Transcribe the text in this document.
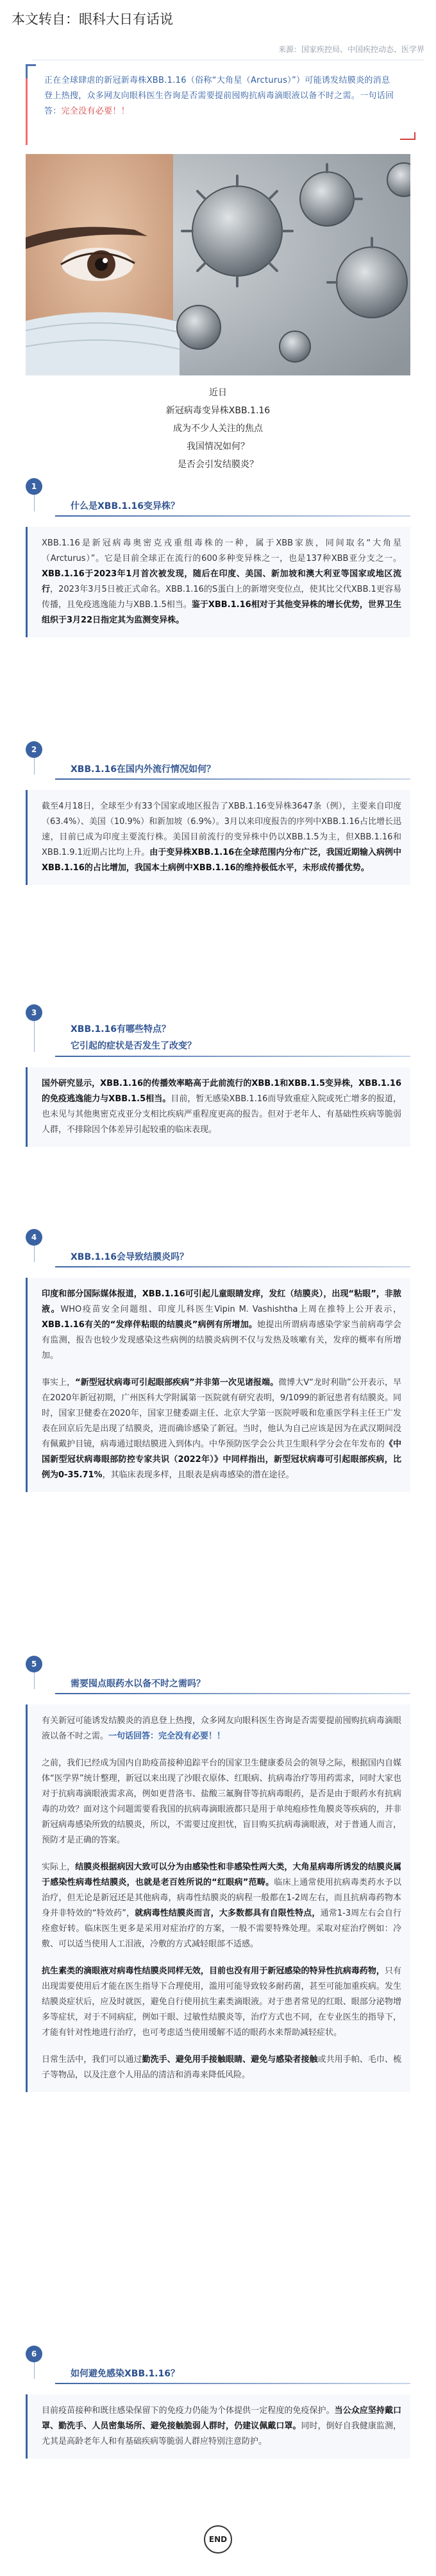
本文转自：眼科大日有话说
来源：国家疾控局、中国疾控动态、医学界
正在全球肆虐的新冠新毒株XBB.1.16（俗称“大角星（Arcturus）”）可能诱发结膜炎的消息登上热搜，众多网友向眼科医生咨询是否需要提前囤购抗病毒滴眼液以备不时之需。一句话回答：完全没有必要！！
近日
新冠病毒变异株XBB.1.16
成为不少人关注的焦点
我国情况如何？
是否会引发结膜炎？
1
什么是XBB.1.16变异株？

XBB.1.16是新冠病毒奥密克戎重组毒株的一种，属于XBB家族，同间取名“大角星（Arcturus）”。它是目前全球正在流行的600多种变异株之一，也是137种XBB亚分支之一。XBB.1.16于2023年1月首次被发现，随后在印度、美国、新加坡和澳大利亚等国家或地区流行，2023年3月5日被正式命名。XBB.1.16的S蛋白上的新增突变位点，使其比父代XBB.1更容易传播，且免疫逃逸能力与XBB.1.5相当。鉴于XBB.1.16相对于其他变异株的增长优势，世界卫生组织于3月22日指定其为监测变异株。

2
XBB.1.16在国内外流行情况如何？

截至4月18日，全球至少有33个国家或地区报告了XBB.1.16变异株3647条（例），主要来自印度（63.4%）、美国（10.9%）和新加坡（6.9%）。3月以来印度报告的序列中XBB.1.16占比增长迅速，目前已成为印度主要流行株。美国目前流行的变异株中仍以XBB.1.5为主，但XBB.1.16和XBB.1.9.1近期占比均上升。由于变异株XBB.1.16在全球范围内分布广泛，我国近期输入病例中XBB.1.16的占比增加，我国本土病例中XBB.1.16的维持极低水平，未形成传播优势。

3
XBB.1.16有哪些特点？
它引起的症状是否发生了改变？

国外研究显示，XBB.1.16的传播效率略高于此前流行的XBB.1和XBB.1.5变异株，XBB.1.16的免疫逃逸能力与XBB.1.5相当。目前，暂无感染XBB.1.16而导致重症入院或死亡增多的报道，也未见与其他奥密克戎亚分支相比疾病严重程度更高的报告。但对于老年人、有基础性疾病等脆弱人群，不排除因个体差异引起较重的临床表现。

4
XBB.1.16会导致结膜炎吗？

印度和部分国际媒体报道，XBB.1.16可引起儿童眼睛发痒，发红（结膜炎），出现“粘眼”，非脓液。WHO疫苗安全问题组、印度儿科医生Vipin M. Vashishtha上周在推特上公开表示，XBB.1.16有关的“发痒伴粘眼的结膜炎”病例有所增加。她提出所谓病毒感染学家当前病毒学会有监测，报告也较少发现感染这些病例的结膜炎病例不仅与发热及咳嗽有关，发痒的概率有所增加。

事实上，“新型冠状病毒可引起眼部疾病”并非第一次见诸报端。微博大V“龙时利勋”公开表示，早在2020年新冠初期，广州医科大学附属第一医院就有研究表明，9/1099的新冠患者有结膜炎。同时，国家卫健委在2020年，国家卫健委副主任、北京大学第一医院呼吸和危重医学科主任王广发表在回京后先是出现了结膜炎，进而确诊感染了新冠。当时，他认为自己应该是因为在武汉期间没有佩戴护目镜，病毒通过眼结膜进入到体内。中华预防医学会公共卫生眼科学分会在年发布的《中国新型冠状病毒眼部防控专家共识（2022年）》中同样指出，新型冠状病毒可引起眼部疾病，比例为0-35.71%，其临床表现多样，且眼表是病毒感染的潜在途径。

5
需要囤点眼药水以备不时之需吗？

有关新冠可能诱发结膜炎的消息登上热搜，众多网友向眼科医生咨询是否需要提前囤购抗病毒滴眼液以备不时之需。一句话回答：完全没有必要！！

之前，我们已经成为国内自助疫苗接种追踪平台的国家卫生健康委员会的领导之际，根据国内自媒体“医学界”统计整理，新冠以来出现了沙眼衣原体、红眼病、抗病毒治疗等用药需求，同时大家也对于抗病毒滴眼液需求高，例如更昔洛韦、盐酸三氟胸苷等抗病毒眼药，是否是由于眼药水有抗病毒的功效？面对这个问题需要看我国的抗病毒滴眼液都只是用于单纯疱疹性角膜炎等疾病的，并非新冠病毒感染所致的结膜炎，所以，不需要过度担忧，盲目购买抗病毒滴眼液，对于普通人而言，预防才是正确的答案。

实际上，结膜炎根据病因大致可以分为由感染性和非感染性两大类，大角星病毒所诱发的结膜炎属于感染性病毒性结膜炎，也就是老百姓所说的“红眼病”范畴。临床上通常使用抗病毒类药水予以治疗，但无论是新冠还是其他病毒，病毒性结膜炎的病程一般都在1-2周左右，而且抗病毒药物本身并非特效的“特效药”，就病毒性结膜炎而言，大多数都具有自限性特点，通常1-3周左右会自行痊愈好转。临床医生更多是采用对症治疗的方案，一般不需要特殊处理。采取对症治疗例如：冷敷、可以适当使用人工泪液，冷敷的方式减轻眼部不适感。

抗生素类的滴眼液对病毒性结膜炎同样无效，目前也没有用于新冠感染的特异性抗病毒药物，只有出现需要使用后才能在医生指导下合理使用，滥用可能导致较多耐药菌，甚至可能加重疾病。发生结膜炎症状后，应及时就医，避免自行使用抗生素类滴眼液。对于患者常见的红眼、眼部分泌物增多等症状，对于不同病症，例如干眼、过敏性结膜炎等，治疗方式也不同，在专业医生的指导下，才能有针对性地进行治疗，也可考虑适当使用缓解不适的眼药水来帮助减轻症状。

日常生活中，我们可以通过勤洗手、避免用手接触眼睛、避免与感染者接触或共用手帕、毛巾、梳子等物品，以及注意个人用品的清洁和消毒来降低风险。

6
如何避免感染XBB.1.16？

目前疫苗接种和既往感染保留下的免疫力仍能为个体提供一定程度的免疫保护。当公众应坚持戴口罩、勤洗手、人员密集场所、避免接触脆弱人群时，仍建议佩戴口罩。同时，倒好自我健康监测，尤其是高龄老年人和有基础疾病等脆弱人群应特别注意防护。

END
